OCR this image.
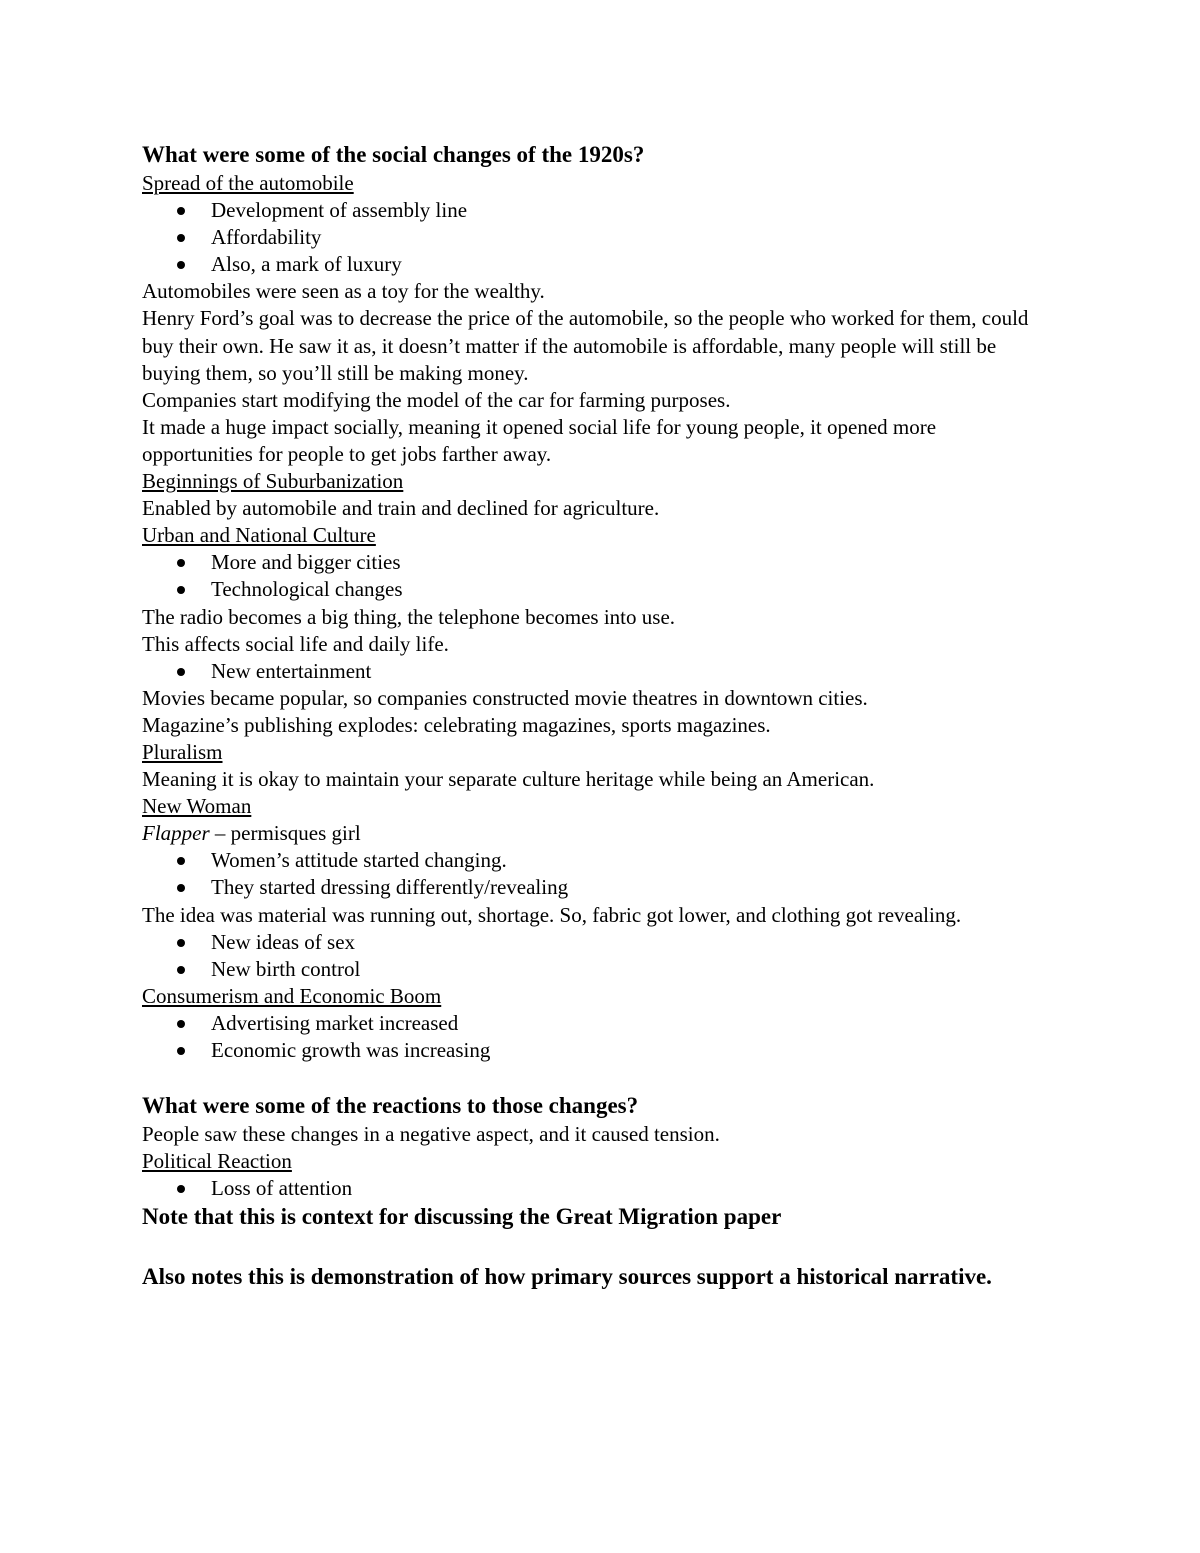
What were some of the social changes of the 1920s?
Spread of the automobile
Development of assembly line
Affordability
Also, a mark of luxury
Automobiles were seen as a toy for the wealthy.
Henry Ford’s goal was to decrease the price of the automobile, so the people who worked for them, could buy their own. He saw it as, it doesn’t matter if the automobile is affordable, many people will still be buying them, so you’ll still be making money.
Companies start modifying the model of the car for farming purposes.
It made a huge impact socially, meaning it opened social life for young people, it opened more opportunities for people to get jobs farther away.
Beginnings of Suburbanization
Enabled by automobile and train and declined for agriculture.
Urban and National Culture
More and bigger cities
Technological changes
The radio becomes a big thing, the telephone becomes into use.
This affects social life and daily life.
New entertainment
Movies became popular, so companies constructed movie theatres in downtown cities.
Magazine’s publishing explodes: celebrating magazines, sports magazines.
Pluralism
Meaning it is okay to maintain your separate culture heritage while being an American.
New Woman
Flapper – permisques girl
Women’s attitude started changing.
They started dressing differently/revealing
The idea was material was running out, shortage. So, fabric got lower, and clothing got revealing.
New ideas of sex
New birth control
Consumerism and Economic Boom
Advertising market increased
Economic growth was increasing
What were some of the reactions to those changes?
People saw these changes in a negative aspect, and it caused tension.
Political Reaction
Loss of attention
Note that this is context for discussing the Great Migration paper
Also notes this is demonstration of how primary sources support a historical narrative.
